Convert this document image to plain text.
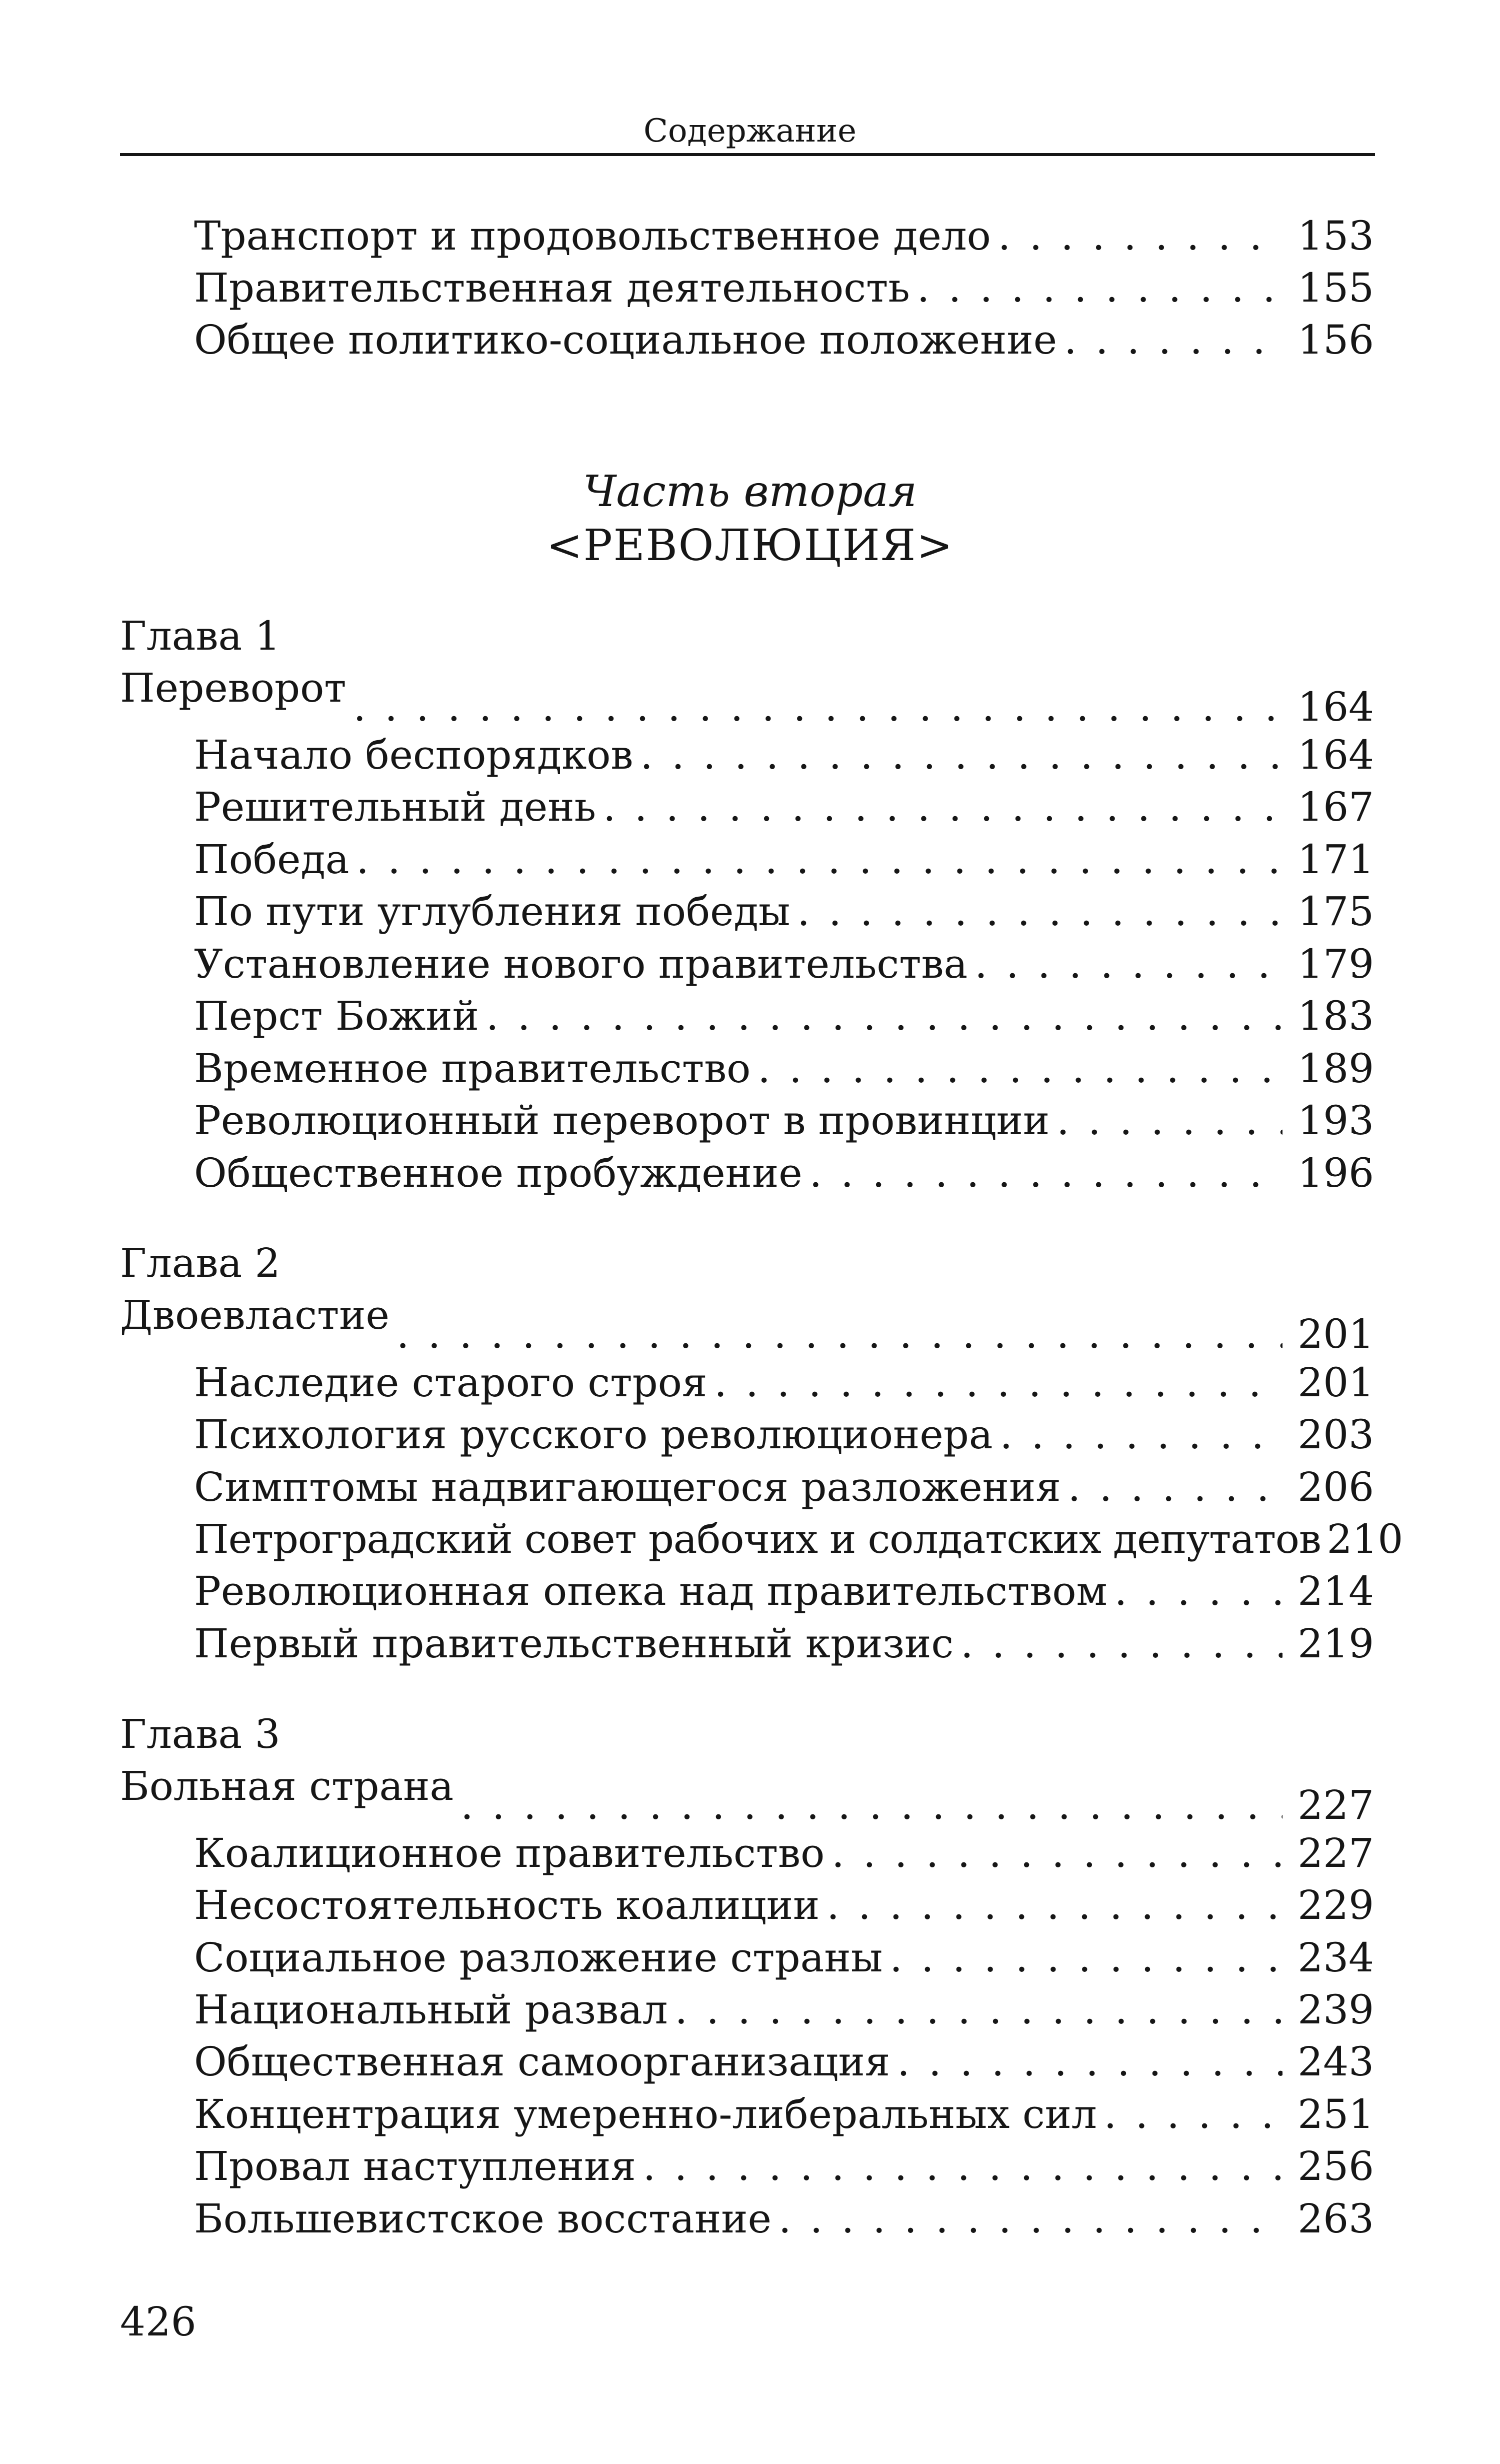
Содержание
Транспорт и продовольственное дело . . .	153
Правительственная деятельность . . .	155
Общее политико-социальное положение . . .	156
Часть вторая
<РЕВОЛЮЦИЯ>
Глава 1
Переворот . . .	164
Начало беспорядков . . .	164
Решительный день . . .	167
Победа . . .	171
По пути углубления победы . . .	175
Установление нового правительства . . .	179
Перст Божий . . .	183
Временное правительство . . .	189
Революционный переворот в провинции . . .	193
Общественное пробуждение . . .	196
Глава 2
Двоевластие . . .	201
Наследие старого строя . . .	201
Психология русского революционера . . .	203
Симптомы надвигающегося разложения . . .	206
Петроградский совет рабочих и солдатских депутатов 210
Революционная опека над правительством . . .	214
Первый правительственный кризис . . .	219
Глава 3
Больная страна . . .	227
Коалиционное правительство . . .	227
Несостоятельность коалиции . . .	229
Социальное разложение страны . . .	234
Национальный развал . . .	239
Общественная самоорганизация . . .	243
Концентрация умеренно-либеральных сил . . .	251
Провал наступления . . .	256
Большевистское восстание . . .	263
426
